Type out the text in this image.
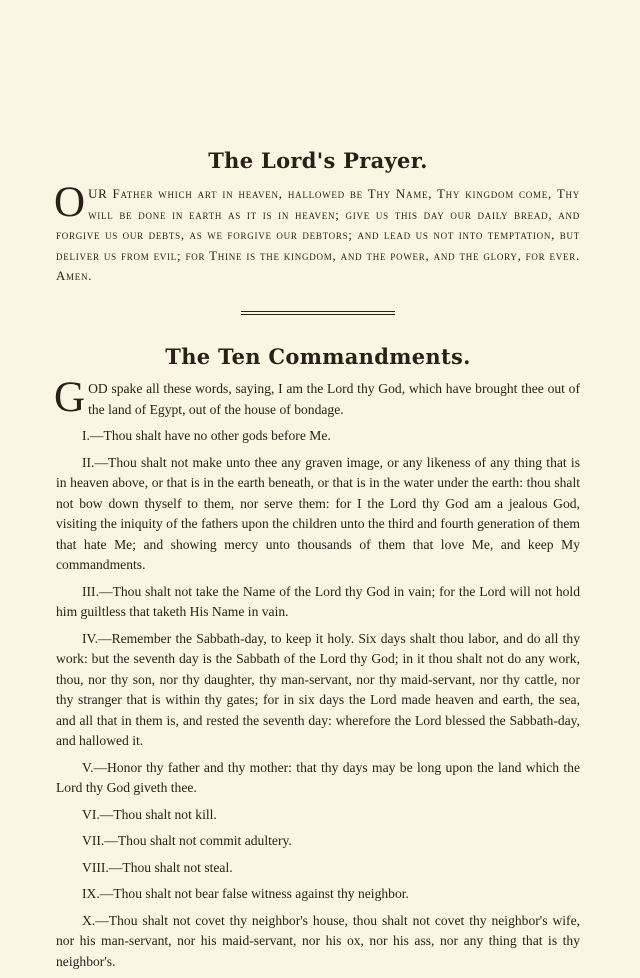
The Lord's Prayer.
OUR Father which art in heaven, hallowed be Thy Name, Thy kingdom come, Thy will be done in earth as it is in heaven; give us this day our daily bread, and forgive us our debts, as we forgive our debtors; and lead us not into temptation, but deliver us from evil; for Thine is the kingdom, and the power, and the glory, for ever. Amen.
The Ten Commandments.

GOD spake all these words, saying, I am the Lord thy God, which have brought thee out of the land of Egypt, out of the house of bondage.

I.—Thou shalt have no other gods before Me.

II.—Thou shalt not make unto thee any graven image, or any likeness of any thing that is in heaven above, or that is in the earth beneath, or that is in the water under the earth: thou shalt not bow down thyself to them, nor serve them: for I the Lord thy God am a jealous God, visiting the iniquity of the fathers upon the children unto the third and fourth generation of them that hate Me; and showing mercy unto thousands of them that love Me, and keep My commandments.

III.—Thou shalt not take the Name of the Lord thy God in vain; for the Lord will not hold him guiltless that taketh His Name in vain.

IV.—Remember the Sabbath-day, to keep it holy. Six days shalt thou labor, and do all thy work: but the seventh day is the Sabbath of the Lord thy God; in it thou shalt not do any work, thou, nor thy son, nor thy daughter, thy man-servant, nor thy maid-servant, nor thy cattle, nor thy stranger that is within thy gates; for in six days the Lord made heaven and earth, the sea, and all that in them is, and rested the seventh day: wherefore the Lord blessed the Sabbath-day, and hallowed it.

V.—Honor thy father and thy mother: that thy days may be long upon the land which the Lord thy God giveth thee.

VI.—Thou shalt not kill.

VII.—Thou shalt not commit adultery.

VIII.—Thou shalt not steal.

IX.—Thou shalt not bear false witness against thy neighbor.

X.—Thou shalt not covet thy neighbor's house, thou shalt not covet thy neighbor's wife, nor his man-servant, nor his maid-servant, nor his ox, nor his ass, nor any thing that is thy neighbor's.
